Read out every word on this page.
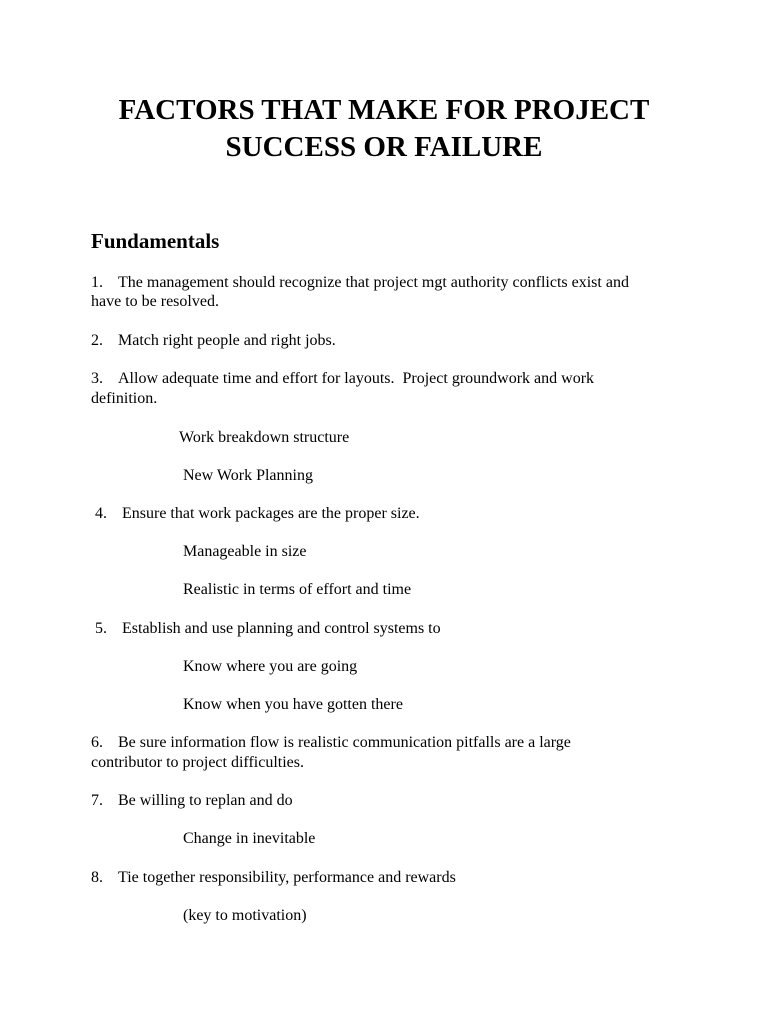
FACTORS THAT MAKE FOR PROJECT
SUCCESS OR FAILURE
Fundamentals
1. The management should recognize that project mgt authority conflicts exist and
have to be resolved.
2. Match right people and right jobs.
3. Allow adequate time and effort for layouts.  Project groundwork and work
definition.
Work breakdown structure
New Work Planning
4. Ensure that work packages are the proper size.
Manageable in size
Realistic in terms of effort and time
5. Establish and use planning and control systems to
Know where you are going
Know when you have gotten there
6. Be sure information flow is realistic communication pitfalls are a large
contributor to project difficulties.
7. Be willing to replan and do
Change in inevitable
8. Tie together responsibility, performance and rewards
(key to motivation)
